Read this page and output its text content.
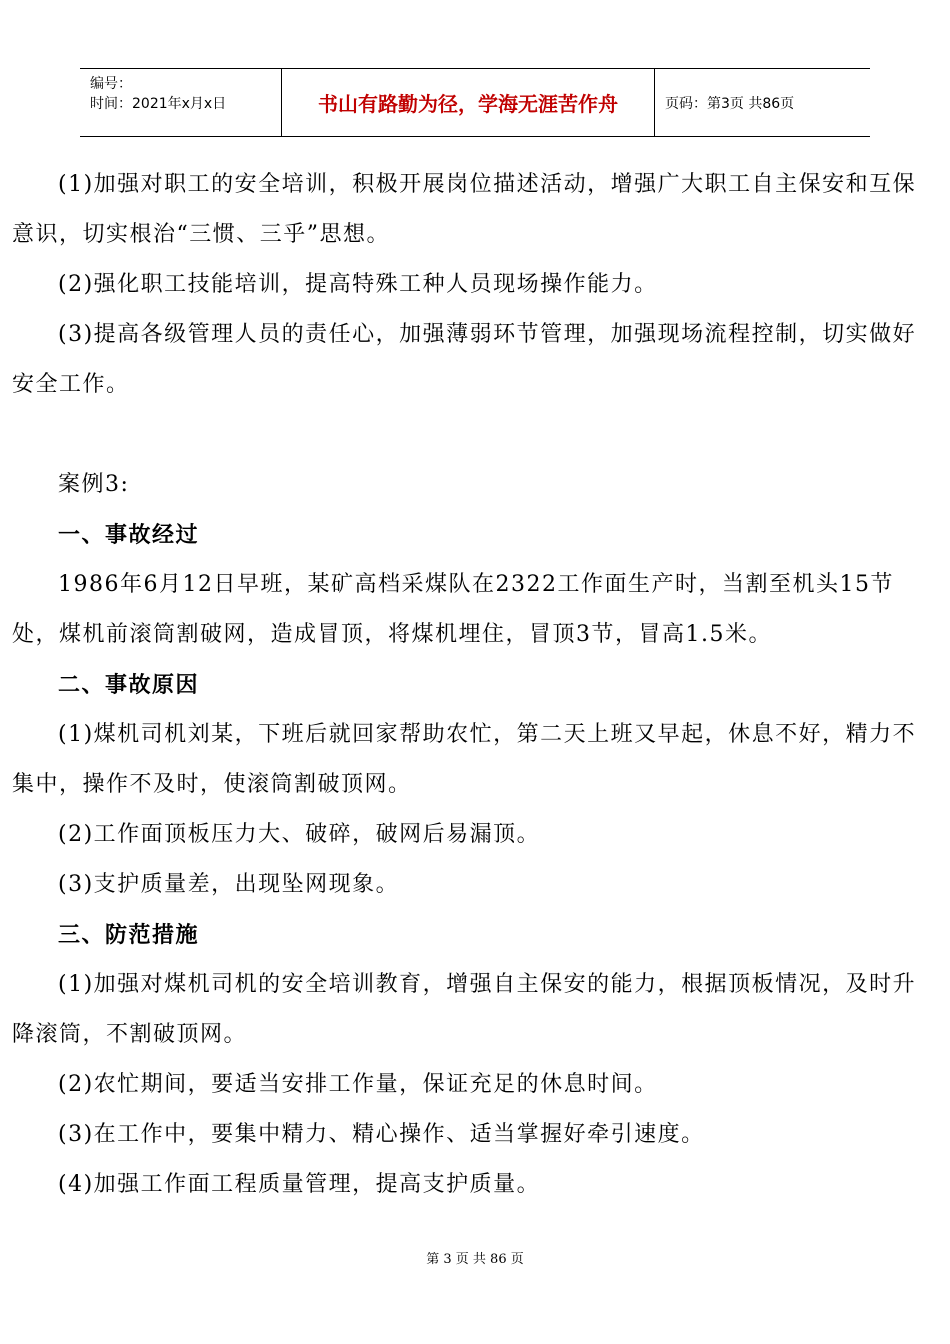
编号：
时间：2021年x月x日	书山有路勤为径，学海无涯苦作舟	页码：第3页 共86页

(1)加强对职工的安全培训，积极开展岗位描述活动，增强广大职工自主保安和互保意识，切实根治“三惯、三乎”思想。

(2)强化职工技能培训，提高特殊工种人员现场操作能力。

(3)提高各级管理人员的责任心，加强薄弱环节管理，加强现场流程控制，切实做好安全工作。

案例3:

一、事故经过

1986年6月12日早班，某矿高档采煤队在2322工作面生产时，当割至机头15节处，煤机前滚筒割破网，造成冒顶，将煤机埋住，冒顶3节，冒高1.5米。

二、事故原因

(1)煤机司机刘某，下班后就回家帮助农忙，第二天上班又早起，休息不好，精力不集中，操作不及时，使滚筒割破顶网。

(2)工作面顶板压力大、破碎，破网后易漏顶。

(3)支护质量差，出现坠网现象。

三、防范措施

(1)加强对煤机司机的安全培训教育，增强自主保安的能力，根据顶板情况，及时升降滚筒，不割破顶网。

(2)农忙期间，要适当安排工作量，保证充足的休息时间。

(3)在工作中，要集中精力、精心操作、适当掌握好牵引速度。

(4)加强工作面工程质量管理，提高支护质量。

第 3 页 共 86 页
